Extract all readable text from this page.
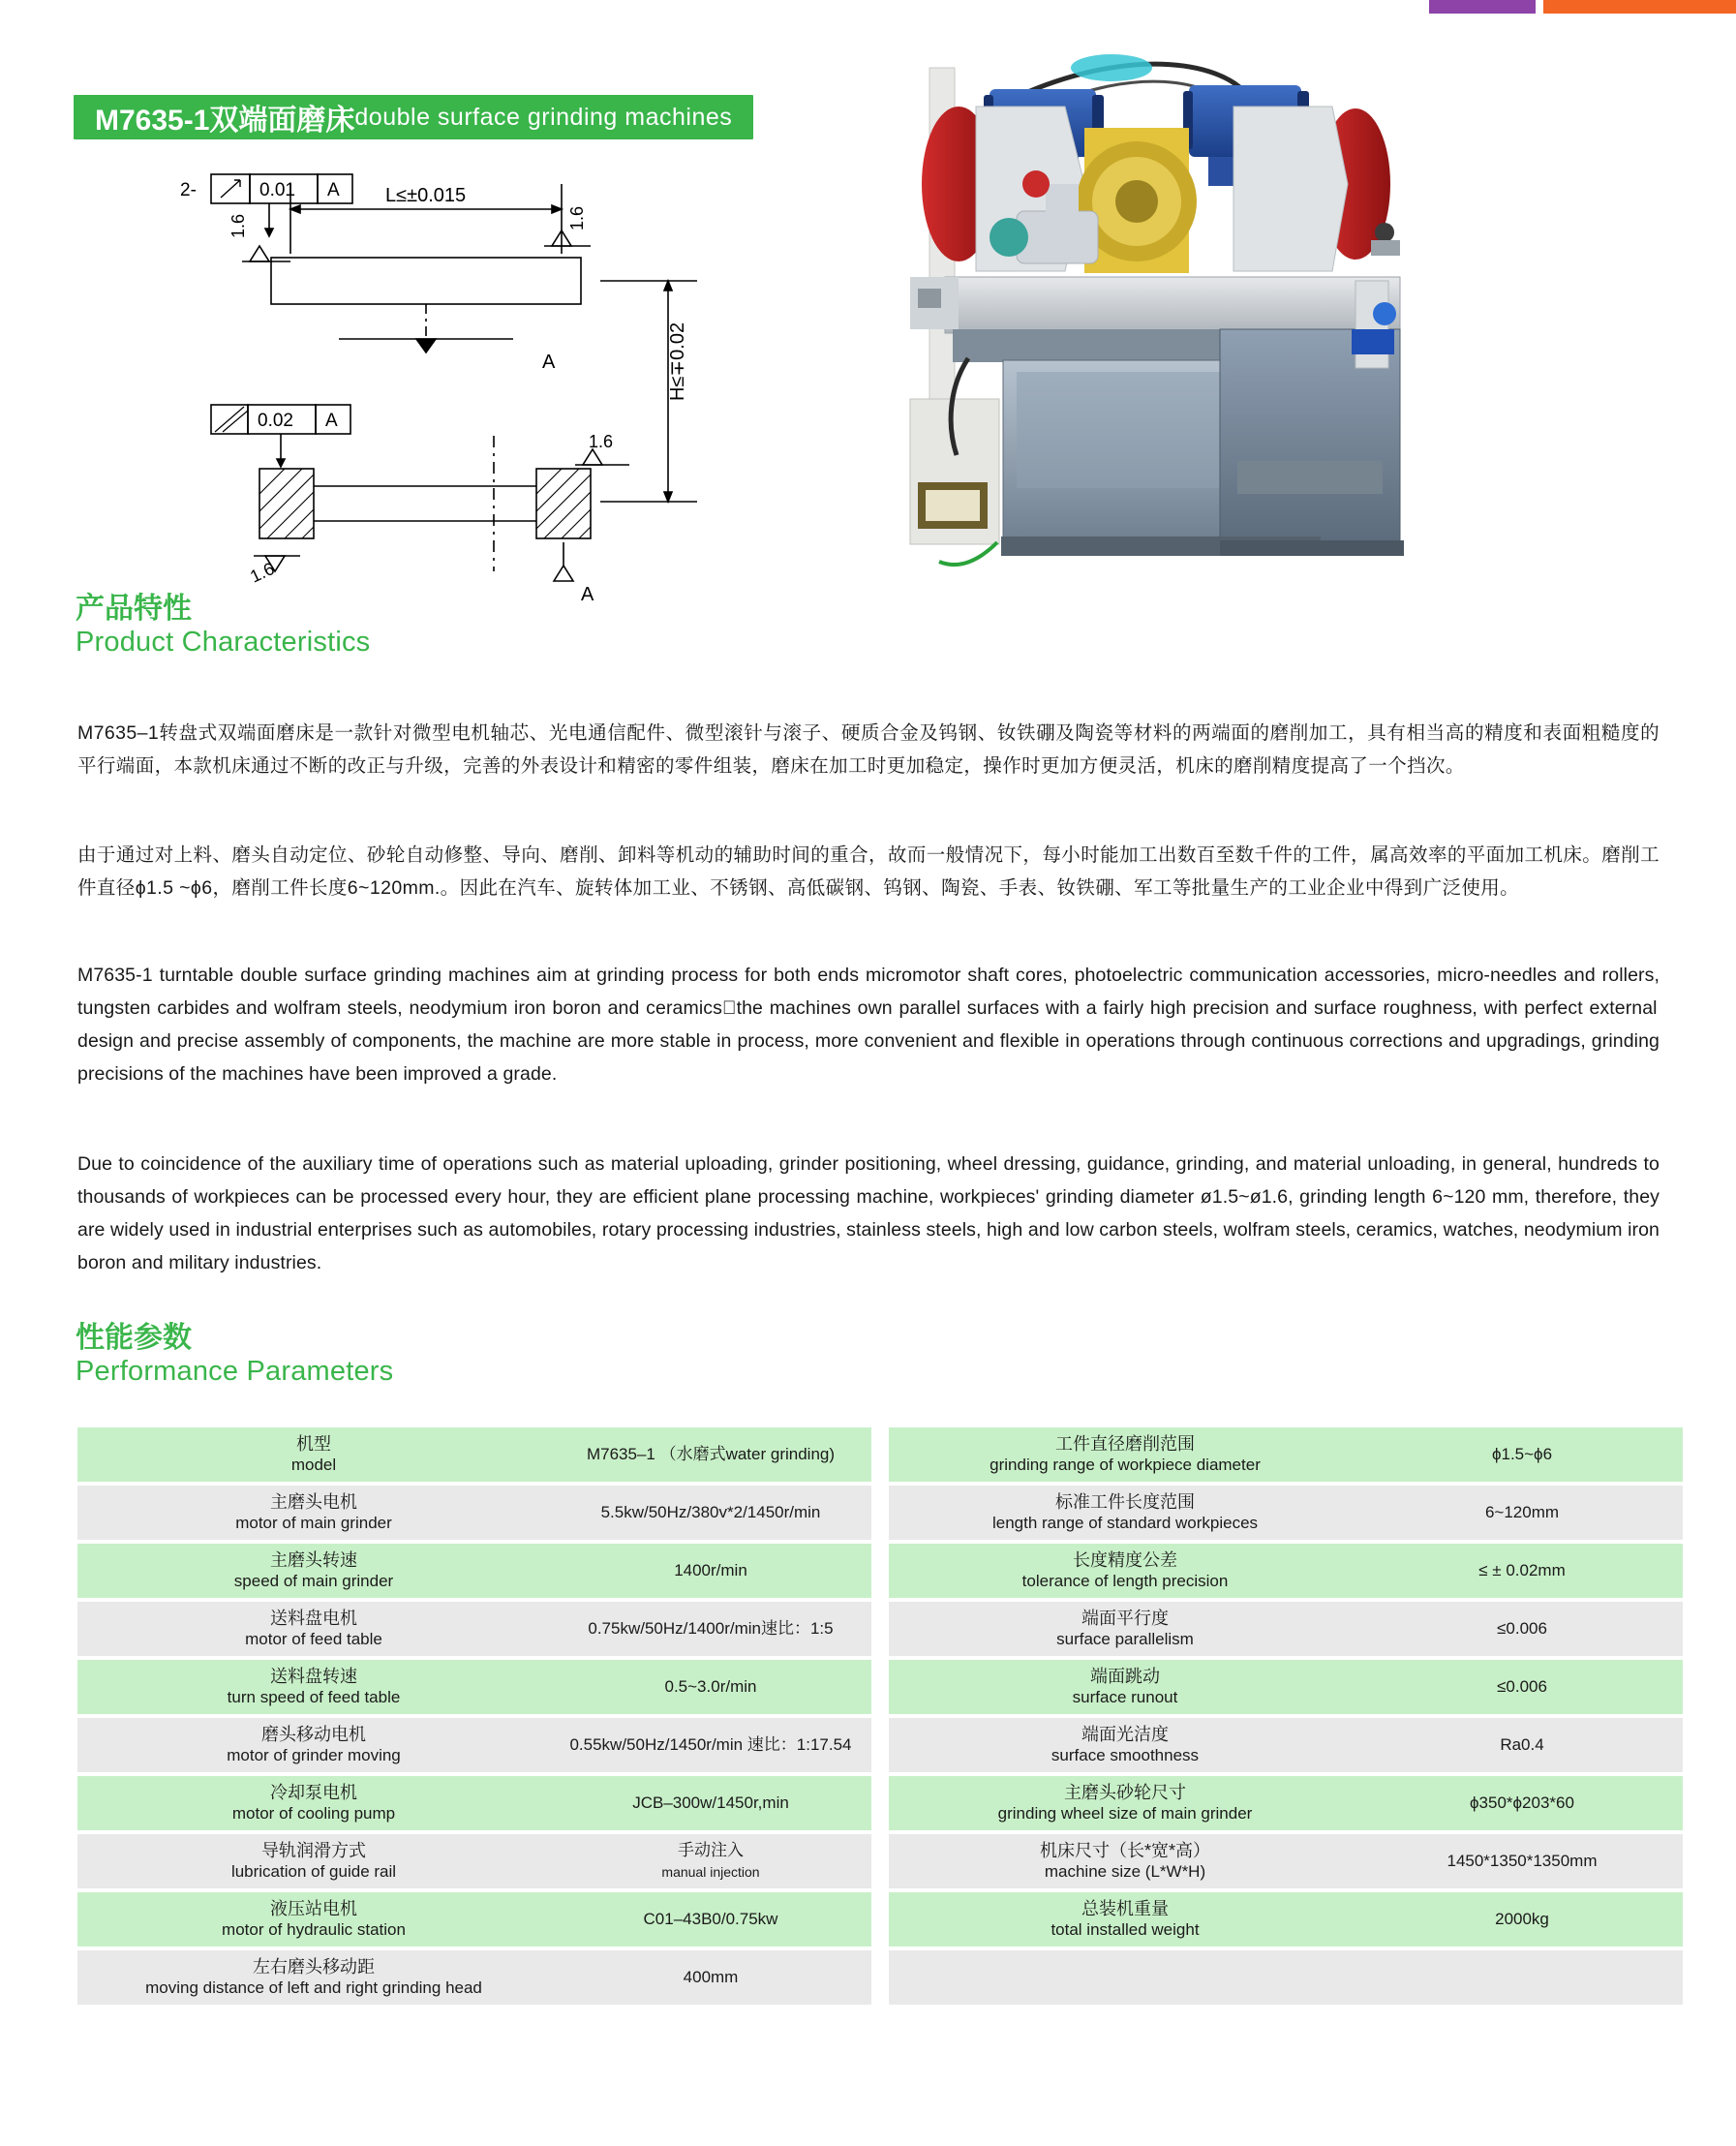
M7635-1双端面磨床 double surface grinding machines
2-	0.01 A
0.02 A
L≤±0.015
A
A
1.6	1.6
1.6
1.6
H≤∓0.02
产品特性
Product Characteristics
M7635–1转盘式双端面磨床是一款针对微型电机轴芯、光电通信配件、微型滚针与滚子、硬质合金及钨钢、钕铁硼及陶瓷等材料的两端面的磨削加工，具有相当高的精度和表面粗糙度的平行端面，本款机床通过不断的改正与升级，完善的外表设计和精密的零件组装，磨床在加工时更加稳定，操作时更加方便灵活，机床的磨削精度提高了一个挡次。
由于通过对上料、磨头自动定位、砂轮自动修整、导向、磨削、卸料等机动的辅助时间的重合，故而一般情况下，每小时能加工出数百至数千件的工件，属高效率的平面加工机床。磨削工件直径ϕ1.5 ~ϕ6，磨削工件长度6~120mm.。因此在汽车、旋转体加工业、不锈钢、高低碳钢、钨钢、陶瓷、手表、钕铁硼、军工等批量生产的工业企业中得到广泛使用。
M7635-1 turntable double surface grinding machines aim at grinding process for both ends micromotor shaft cores, photoelectric communication accessories, micro-needles and rollers, tungsten carbides and wolfram steels, neodymium iron boron and ceramics⃞the machines own parallel surfaces with a fairly high precision and surface roughness, with perfect external design and precise assembly of components, the machine are more stable in process, more convenient and flexible in operations through continuous corrections and upgradings, grinding precisions of the machines have been improved a grade.
Due to coincidence of the auxiliary time of operations such as material uploading, grinder positioning, wheel dressing, guidance, grinding, and material unloading, in general, hundreds to thousands of workpieces can be processed every hour, they are efficient plane processing machine, workpieces' grinding diameter ø1.5~ø1.6, grinding length 6~120 mm, therefore, they are widely used in industrial enterprises such as automobiles, rotary processing industries, stainless steels, high and low carbon steels, wolfram steels, ceramics, watches, neodymium iron boron and military industries.
性能参数
Performance Parameters
机型
model	M7635–1 （水磨式water grinding)

主磨头电机
motor of main grinder	5.5kw/50Hz/380v*2/1450r/min

主磨头转速
speed of main grinder	1400r/min

送料盘电机
motor of feed table	0.75kw/50Hz/1400r/min速比：1:5

送料盘转速
turn speed of feed table	0.5~3.0r/min

磨头移动电机
motor of grinder moving	0.55kw/50Hz/1450r/min 速比：1:17.54

冷却泵电机
motor of cooling pump	JCB–300w/1450r,min

导轨润滑方式
lubrication of guide rail	手动注入
manual injection

液压站电机
motor of hydraulic station	C01–43B0/0.75kw

左右磨头移动距
moving distance of left and right grinding head	400mm
工件直径磨削范围
grinding range of workpiece diameter	ϕ1.5~ϕ6

标准工件长度范围
length range of standard workpieces	6~120mm

长度精度公差
tolerance of length precision	≤ ± 0.02mm

端面平行度
surface parallelism	≤0.006

端面跳动
surface runout	≤0.006

端面光洁度
surface smoothness	Ra0.4

主磨头砂轮尺寸
grinding wheel size of main grinder	ϕ350*ϕ203*60

机床尺寸（长*宽*高）
machine size (L*W*H)	1450*1350*1350mm

总装机重量
total installed weight	2000kg
